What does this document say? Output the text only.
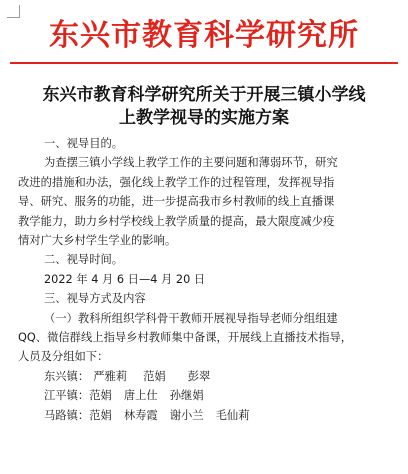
东兴市教育科学研究所
东兴市教育科学研究所关于开展三镇小学线
上教学视导的实施方案
一、视导目的。
为查摆三镇小学线上教学工作的主要问题和薄弱环节，研究
改进的措施和办法，强化线上教学工作的过程管理，发挥视导指
导、研究、服务的功能，进一步提高我市乡村教师的线上直播课
教学能力，助力乡村学校线上教学质量的提高，最大限度减少疫
情对广大乡村学生学业的影响。
二、视导时间。
2022 年 4 月 6 日—4 月 20 日
三、视导方式及内容
（一）教科所组织学科骨干教师开展视导指导老师分组组建
QQ、微信群线上指导乡村教师集中备课，开展线上直播技术指导，
人员及分组如下：
东兴镇： 严雅莉 范娟 彭翠
江平镇：范娟 唐上仕 孙继娟
马路镇：范娟 林寿霞 谢小兰 毛仙莉
